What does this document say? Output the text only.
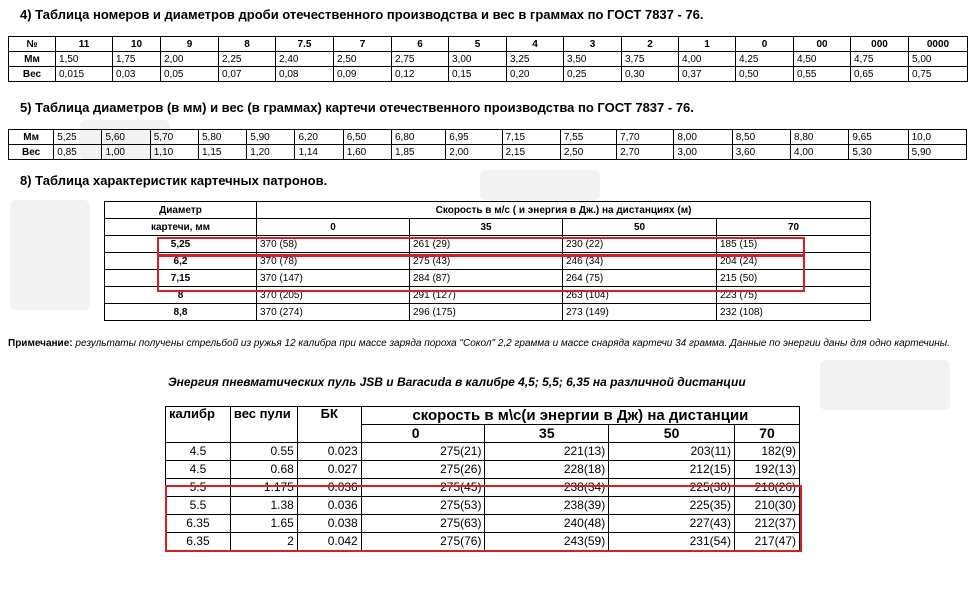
4) Таблица номеров и диаметров дроби отечественного производства и вес в граммах по ГОСТ 7837 - 76.
№	11	10	9	8	7.5	7	6	5	4	3	2	1	0	00	000	0000
Мм	1,50	1,75	2,00	2,25	2,40	2,50	2,75	3,00	3,25	3,50	3,75	4,00	4,25	4,50	4,75	5,00
Вес	0,015	0,03	0,05	0,07	0,08	0,09	0,12	0,15	0,20	0,25	0,30	0,37	0,50	0,55	0,65	0,75
5) Таблица диаметров (в мм) и вес (в граммах) картечи отечественного производства по ГОСТ 7837 - 76.
Мм	5,25	5,60	5,70	5,80	5,90	6,20	6,50	6,80	6,95	7,15	7,55	7,70	8,00	8,50	8,80	9,65	10,0
Вес	0,85	1,00	1,10	1,15	1,20	1,14	1,60	1,85	2,00	2,15	2,50	2,70	3,00	3,60	4,00	5,30	5,90
8) Таблица характеристик картечных патронов.
Диаметр	Скорость в м/с ( и энергия в Дж.) на дистанциях (м)			
картечи, мм	0	35	50	70
5,25	370 (58)	261 (29)	230 (22)	185 (15)
6,2	370 (78)	275 (43)	246 (34)	204 (24)
7,15	370 (147)	284 (87)	264 (75)	215 (50)
8	370 (205)	291 (127)	263 (104)	223 (75)
8,8	370 (274)	296 (175)	273 (149)	232 (108)
Примечание: результаты получены стрельбой из ружья 12 калибра при массе заряда пороха "Сокол" 2,2 грамма и массе снаряда картечи 34 грамма. Данные по энергии даны для одно картечины.
Энергия пневматических пуль JSB и Baracuda в калибре 4,5; 5,5; 6,35 на различной дистанции
калибр	вес пули	БК	скорость в м\с(и энергии в Дж) на дистанции			
			0	35	50	70
4.5	0.55	0.023	275(21)	221(13)	203(11)	182(9)
4.5	0.68	0.027	275(26)	228(18)	212(15)	192(13)
5.5	1.175	0.036	275(45)	238(34)	225(30)	210(26)
5.5	1.38	0.036	275(53)	238(39)	225(35)	210(30)
6.35	1.65	0.038	275(63)	240(48)	227(43)	212(37)
6.35	2	0.042	275(76)	243(59)	231(54)	217(47)
